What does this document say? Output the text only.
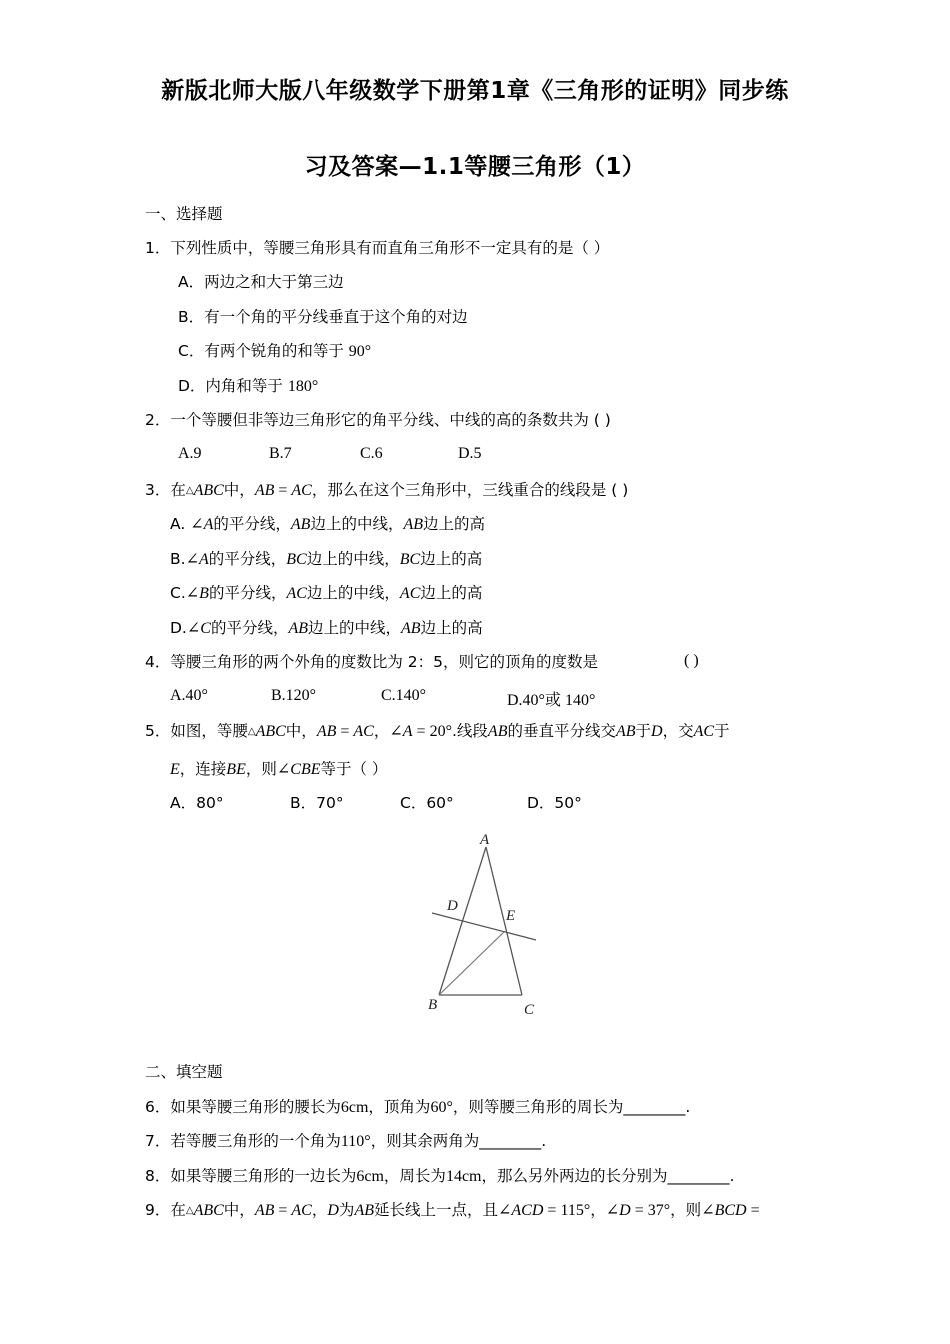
新版北师大版八年级数学下册第1章《三角形的证明》同步练
习及答案—1.1等腰三角形（1）
一、选择题
1．下列性质中，等腰三角形具有而直角三角形不一定具有的是（ ）
A．两边之和大于第三边
B．有一个角的平分线垂直于这个角的对边
C．有两个锐角的和等于 90°
D．内角和等于 180°
2．一个等腰但非等边三角形它的角平分线、中线的高的条数共为 ( )
A.9	B.7	C.6	D.5
3．在△ABC中，AB = AC，那么在这个三角形中，三线重合的线段是 ( )
A. ∠A的平分线，AB边上的中线，AB边上的高
B.∠A的平分线，BC边上的中线，BC边上的高
C.∠B的平分线，AC边上的中线，AC边上的高
D.∠C的平分线，AB边上的中线，AB边上的高
4．等腰三角形的两个外角的度数比为 2：5，则它的顶角的度数是	( )
A.40°	B.120°	C.140°	D.40°或 140°
5．如图，等腰△ABC中，AB = AC，∠A = 20°.线段AB的垂直平分线交AB于D，交AC于
E，连接BE，则∠CBE等于（ ）
A．80°	B．70°	C．60°	D．50°
A
B	C
D
E
二、填空题
6．如果等腰三角形的腰长为6cm，顶角为60°，则等腰三角形的周长为________.
7．若等腰三角形的一个角为110°，则其余两角为________.
8．如果等腰三角形的一边长为6cm，周长为14cm，那么另外两边的长分别为________.
9．在△ABC中，AB = AC，D为AB延长线上一点，且∠ACD = 115°，∠D = 37°，则∠BCD =
